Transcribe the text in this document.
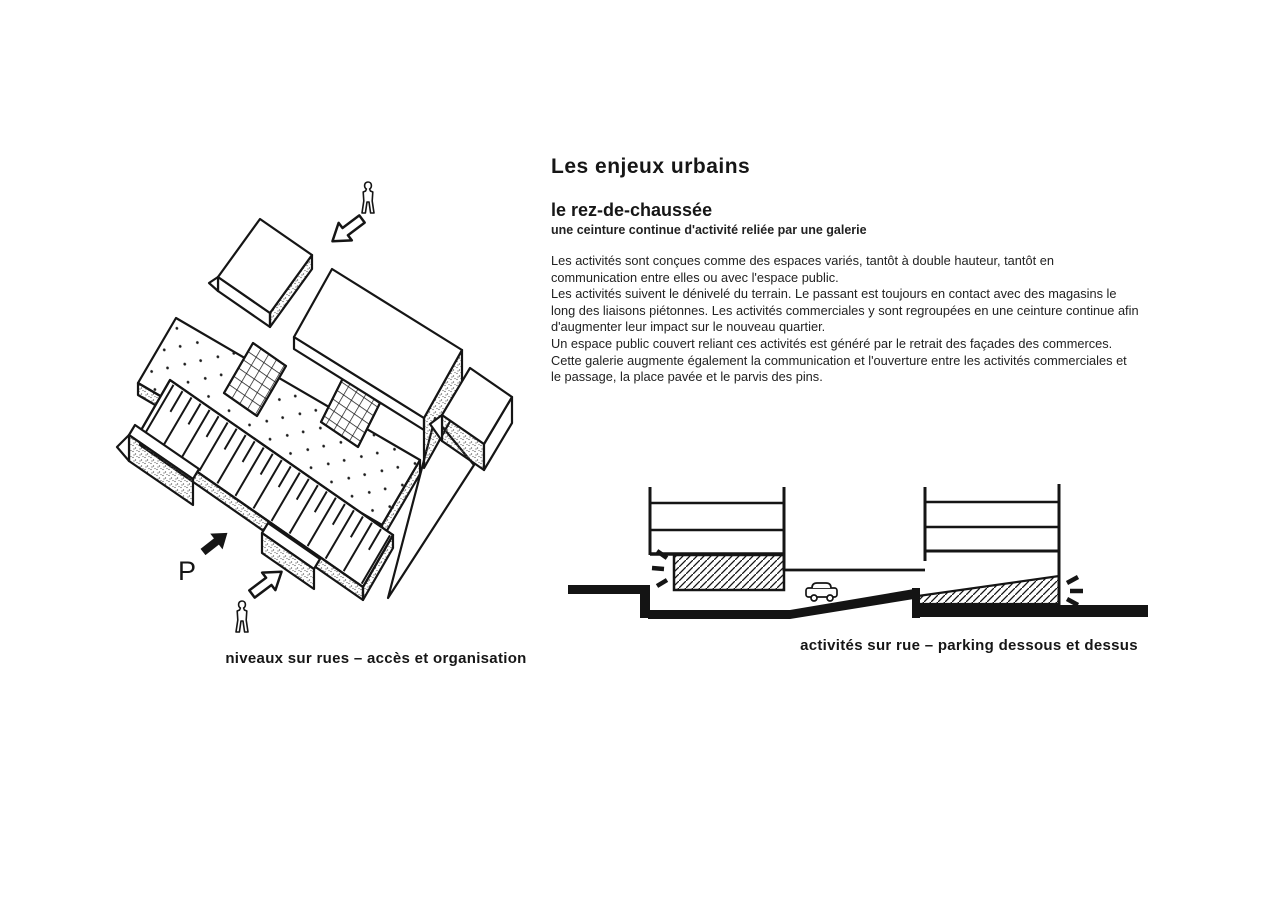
P
Les enjeux urbains
le rez-de-chaussée
une ceinture continue d'activité reliée par une galerie

Les activités sont conçues comme des espaces variés, tantôt à double hauteur, tantôt en communication entre elles ou avec l'espace public.

Les activités suivent le dénivelé du terrain. Le passant est toujours en contact avec des magasins le long des liaisons piétonnes. Les activités commerciales y sont regroupées en une ceinture continue afin d'augmenter leur impact sur le nouveau quartier.

Un espace public couvert reliant ces activités est généré par le retrait des façades des commerces. Cette galerie augmente également la communication et l'ouverture entre les activités commerciales et le passage, la place pavée et le parvis des pins.

niveaux sur rues – accès et organisation
activités sur rue – parking dessous et dessus
